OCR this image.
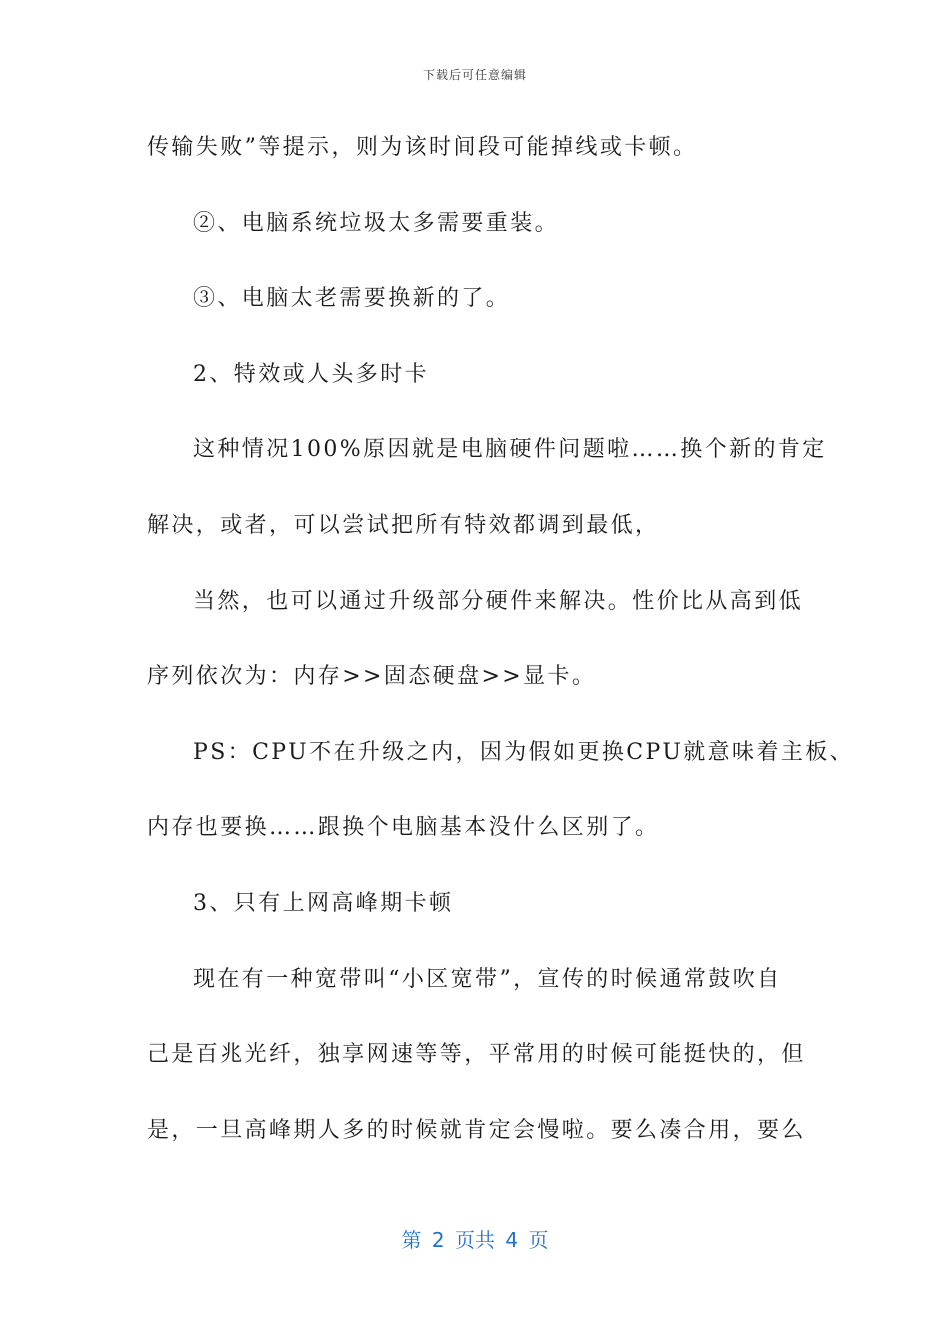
下载后可任意编辑
传输失败”等提示，则为该时间段可能掉线或卡顿。
②、电脑系统垃圾太多需要重装。
③、电脑太老需要换新的了。
2、特效或人头多时卡
这种情况100%原因就是电脑硬件问题啦……换个新的肯定
解决，或者，可以尝试把所有特效都调到最低，
当然，也可以通过升级部分硬件来解决。性价比从高到低
序列依次为：内存>>固态硬盘>>显卡。
PS：CPU不在升级之内，因为假如更换CPU就意味着主板、
内存也要换……跟换个电脑基本没什么区别了。
3、只有上网高峰期卡顿
现在有一种宽带叫“小区宽带”，宣传的时候通常鼓吹自
己是百兆光纤，独享网速等等，平常用的时候可能挺快的，但
是，一旦高峰期人多的时候就肯定会慢啦。要么凑合用，要么
第 2 页共 4 页
